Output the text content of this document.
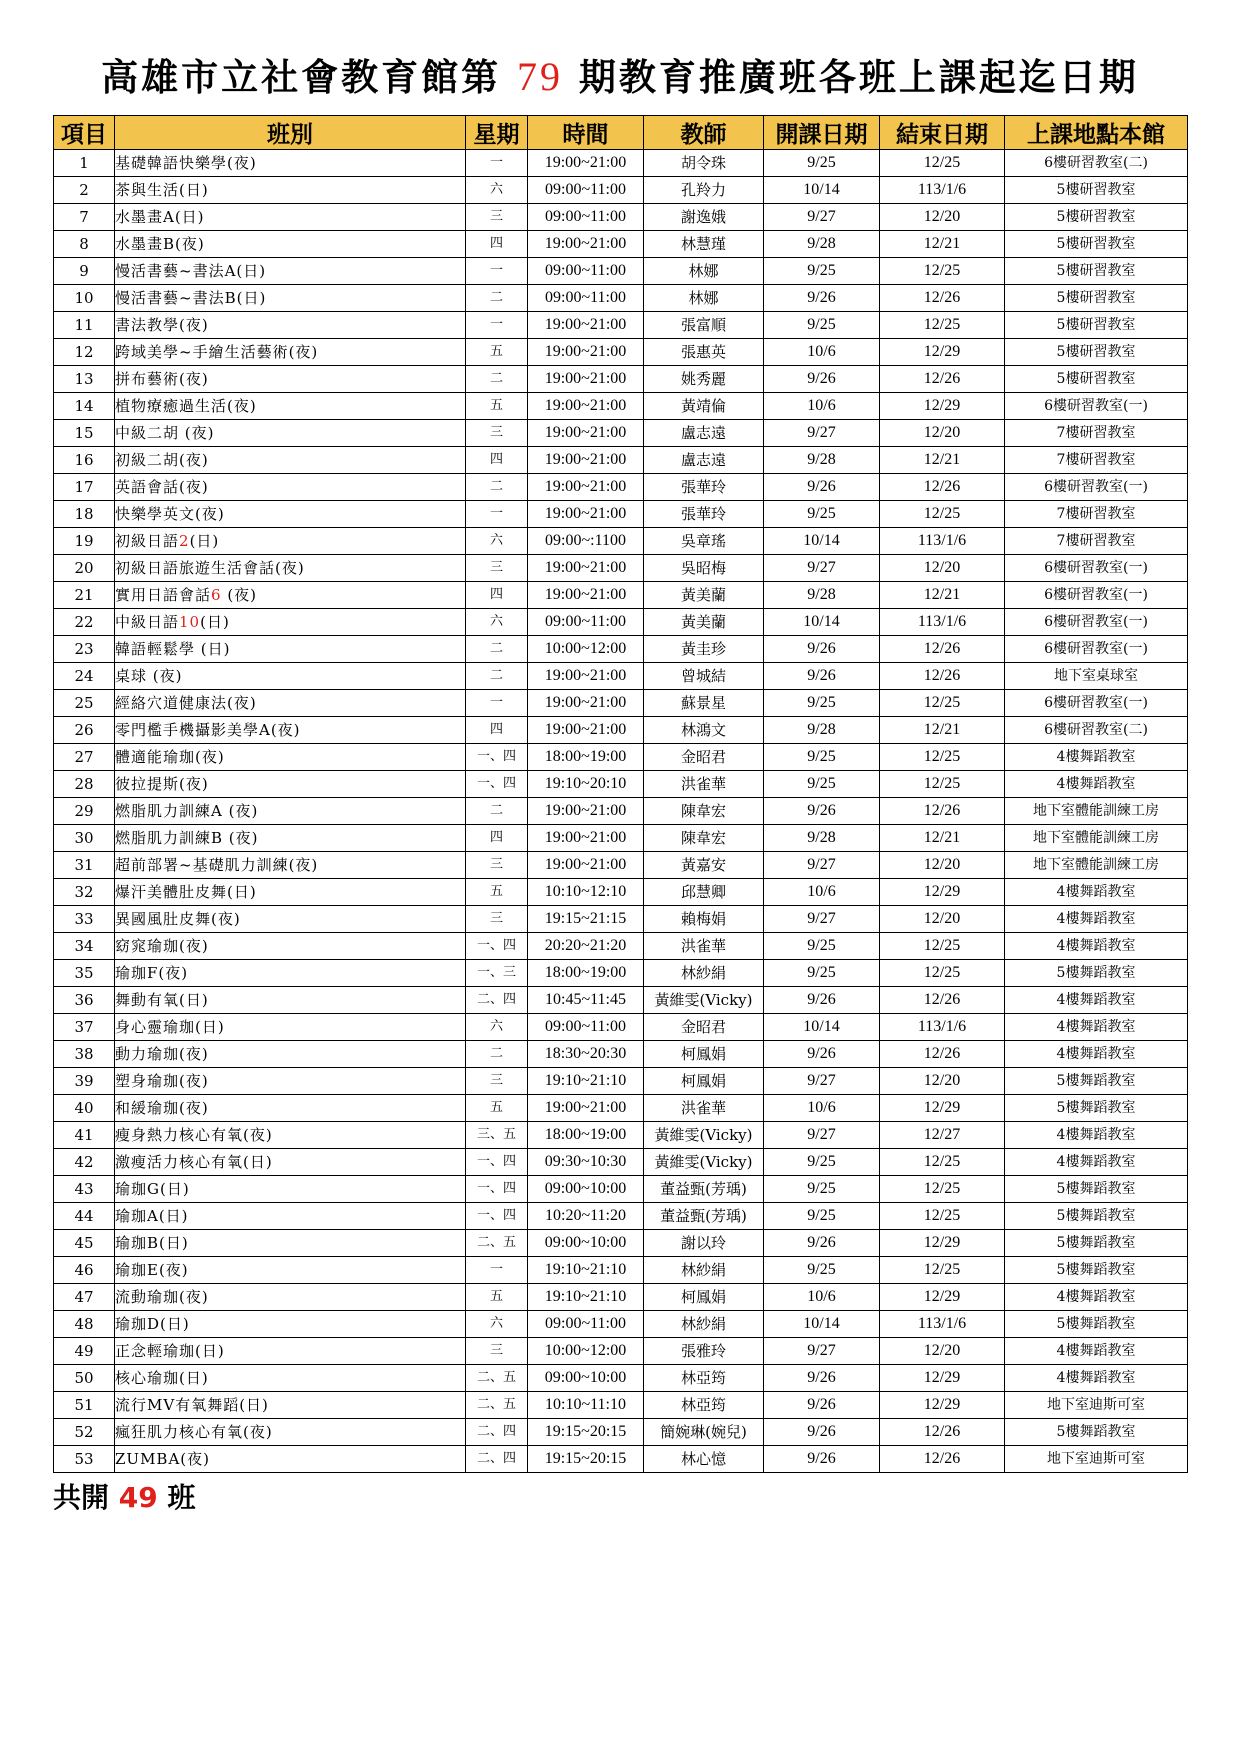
高雄市立社會教育館第 79 期教育推廣班各班上課起迄日期
項目	班別	星期	時間	教師	開課日期	結束日期	上課地點本館
1	基礎韓語快樂學(夜)	一	19:00~21:00	胡令珠	9/25	12/25	6樓研習教室(二)
2	茶與生活(日)	六	09:00~11:00	孔羚力	10/14	113/1/6	5樓研習教室
7	水墨畫A(日)	三	09:00~11:00	謝逸娥	9/27	12/20	5樓研習教室
8	水墨畫B(夜)	四	19:00~21:00	林慧瑾	9/28	12/21	5樓研習教室
9	慢活書藝~書法A(日)	一	09:00~11:00	林娜	9/25	12/25	5樓研習教室
10	慢活書藝~書法B(日)	二	09:00~11:00	林娜	9/26	12/26	5樓研習教室
11	書法教學(夜)	一	19:00~21:00	張富順	9/25	12/25	5樓研習教室
12	跨域美學~手繪生活藝術(夜)	五	19:00~21:00	張惠英	10/6	12/29	5樓研習教室
13	拼布藝術(夜)	二	19:00~21:00	姚秀麗	9/26	12/26	5樓研習教室
14	植物療癒過生活(夜)	五	19:00~21:00	黃靖倫	10/6	12/29	6樓研習教室(一)
15	中級二胡 (夜)	三	19:00~21:00	盧志遠	9/27	12/20	7樓研習教室
16	初級二胡(夜)	四	19:00~21:00	盧志遠	9/28	12/21	7樓研習教室
17	英語會話(夜)	二	19:00~21:00	張華玲	9/26	12/26	6樓研習教室(一)
18	快樂學英文(夜)	一	19:00~21:00	張華玲	9/25	12/25	7樓研習教室
19	初級日語2(日)	六	09:00~:1100	吳章瑤	10/14	113/1/6	7樓研習教室
20	初級日語旅遊生活會話(夜)	三	19:00~21:00	吳昭梅	9/27	12/20	6樓研習教室(一)
21	實用日語會話6 (夜)	四	19:00~21:00	黃美蘭	9/28	12/21	6樓研習教室(一)
22	中級日語10(日)	六	09:00~11:00	黃美蘭	10/14	113/1/6	6樓研習教室(一)
23	韓語輕鬆學 (日)	二	10:00~12:00	黃圭珍	9/26	12/26	6樓研習教室(一)
24	桌球 (夜)	二	19:00~21:00	曾城結	9/26	12/26	地下室桌球室
25	經絡穴道健康法(夜)	一	19:00~21:00	蘇景星	9/25	12/25	6樓研習教室(一)
26	零門檻手機攝影美學A(夜)	四	19:00~21:00	林鴻文	9/28	12/21	6樓研習教室(二)
27	體適能瑜珈(夜)	一、四	18:00~19:00	金昭君	9/25	12/25	4樓舞蹈教室
28	彼拉提斯(夜)	一、四	19:10~20:10	洪雀華	9/25	12/25	4樓舞蹈教室
29	燃脂肌力訓練A (夜)	二	19:00~21:00	陳韋宏	9/26	12/26	地下室體能訓練工房
30	燃脂肌力訓練B (夜)	四	19:00~21:00	陳韋宏	9/28	12/21	地下室體能訓練工房
31	超前部署~基礎肌力訓練(夜)	三	19:00~21:00	黃嘉安	9/27	12/20	地下室體能訓練工房
32	爆汗美體肚皮舞(日)	五	10:10~12:10	邱慧卿	10/6	12/29	4樓舞蹈教室
33	異國風肚皮舞(夜)	三	19:15~21:15	賴梅娟	9/27	12/20	4樓舞蹈教室
34	窈窕瑜珈(夜)	一、四	20:20~21:20	洪雀華	9/25	12/25	4樓舞蹈教室
35	瑜珈F(夜)	一、三	18:00~19:00	林紗絹	9/25	12/25	5樓舞蹈教室
36	舞動有氧(日)	二、四	10:45~11:45	黃維雯(Vicky)	9/26	12/26	4樓舞蹈教室
37	身心靈瑜珈(日)	六	09:00~11:00	金昭君	10/14	113/1/6	4樓舞蹈教室
38	動力瑜珈(夜)	二	18:30~20:30	柯鳳娟	9/26	12/26	4樓舞蹈教室
39	塑身瑜珈(夜)	三	19:10~21:10	柯鳳娟	9/27	12/20	5樓舞蹈教室
40	和緩瑜珈(夜)	五	19:00~21:00	洪雀華	10/6	12/29	5樓舞蹈教室
41	瘦身熱力核心有氧(夜)	三、五	18:00~19:00	黃維雯(Vicky)	9/27	12/27	4樓舞蹈教室
42	激瘦活力核心有氧(日)	一、四	09:30~10:30	黃維雯(Vicky)	9/25	12/25	4樓舞蹈教室
43	瑜珈G(日)	一、四	09:00~10:00	董益甄(芳瑀)	9/25	12/25	5樓舞蹈教室
44	瑜珈A(日)	一、四	10:20~11:20	董益甄(芳瑀)	9/25	12/25	5樓舞蹈教室
45	瑜珈B(日)	二、五	09:00~10:00	謝以玲	9/26	12/29	5樓舞蹈教室
46	瑜珈E(夜)	一	19:10~21:10	林紗絹	9/25	12/25	5樓舞蹈教室
47	流動瑜珈(夜)	五	19:10~21:10	柯鳳娟	10/6	12/29	4樓舞蹈教室
48	瑜珈D(日)	六	09:00~11:00	林紗絹	10/14	113/1/6	5樓舞蹈教室
49	正念輕瑜珈(日)	三	10:00~12:00	張雅玲	9/27	12/20	4樓舞蹈教室
50	核心瑜珈(日)	二、五	09:00~10:00	林亞筠	9/26	12/29	4樓舞蹈教室
51	流行MV有氧舞蹈(日)	二、五	10:10~11:10	林亞筠	9/26	12/29	地下室迪斯可室
52	瘋狂肌力核心有氧(夜)	二、四	19:15~20:15	簡婉琳(婉兒)	9/26	12/26	5樓舞蹈教室
53	ZUMBA(夜)	二、四	19:15~20:15	林心憶	9/26	12/26	地下室迪斯可室
共開 49 班
